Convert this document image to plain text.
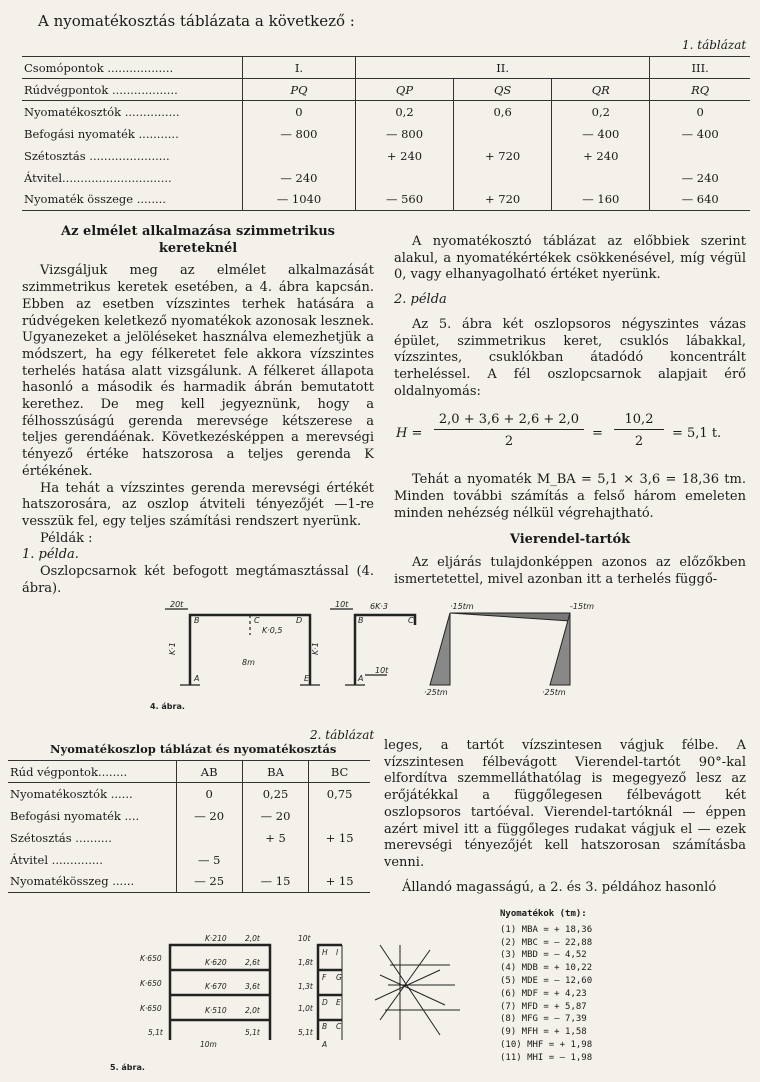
A nyomatékosztás táblázata a következő :
1. táblázat
Csomópontok ..................	I.	II.			III.
Rúdvégpontok ..................	PQ	QP	QS	QR	RQ
Nyomatékosztók ...............	0	0,2	0,6	0,2	0
Befogási nyomaték ...........	— 800	— 800		— 400	— 400
Szétosztás ......................		+ 240	+ 720	+ 240	
Átvitel..............................	— 240				— 240
Nyomaték összege ........	— 1040	— 560	+ 720	— 160	— 640
Az elmélet alkalmazása szimmetrikus kereteknél

Vizsgáljuk meg az elmélet alkalmazását szimmetrikus keretek esetében, a 4. ábra kapcsán. Ebben az esetben vízszintes terhek hatására a rúdvégeken keletkező nyomatékok azonosak lesznek. Ugyanezeket a jelöléseket használva elemezhetjük a módszert, ha egy félkeretet fele akkora vízszintes terhelés hatása alatt vizsgálunk. A félkeret állapota hasonló a második és harmadik ábrán bemutatott kerethez. De meg kell jegyeznünk, hogy a félhosszúságú gerenda merevsége kétszerese a teljes gerendáénak. Következésképpen a merevségi tényező értéke hatszorosa a teljes gerenda K értékének.

Ha tehát a vízszintes gerenda merevségi értékét hatszorosára, az oszlop átviteli tényezőjét —1-re vesszük fel, egy teljes számítási rendszert nyerünk.

Példák :

1. példa.

Oszlopcsarnok két befogott megtámasztással (4. ábra).

A nyomatékosztó táblázat az előbbiek szerint alakul, a nyomatékértékek csökkenésével, míg végül 0, vagy elhanyagolható értéket nyerünk.

2. példa

Az 5. ábra két oszlopsoros négyszintes vázas épület, szimmetrikus keret, csuklós lábakkal, vízszintes, csuklókban átadódó koncentrált terheléssel. A fél oszlopcsarnok alapjait érő oldalnyomás:

H =
2,0 + 3,6 + 2,6 + 2,0
2
=
10,2
2
= 5,1 t.

Tehát a nyomaték M_BA = 5,1 × 3,6 = 18,36 tm. Minden további számítás a felső három emeleten minden nehézség nélkül végrehajtható.

Vierendel-tartók

Az eljárás tulajdonképpen azonos az előzőkben ismertetettel, mivel azonban itt a terhelés függő-

20t
B	C	D
K·0,5
K·1	K·1
8m
A	E
10t	6K·3
B	C
A
10t
·15tm	-15tm
·25tm	·25tm
4. ábra.
2. táblázat
Nyomatékoszlop táblázat és nyomatékosztás
Rúd végpontok........	AB	BA	BC
Nyomatékosztók ......	0	0,25	0,75
Befogási nyomaték ....	— 20	— 20	
Szétosztás ..........		+ 5	+ 15
Átvitel ..............	— 5		
Nyomatékösszeg ......	— 25	— 15	+ 15

leges, a tartót vízszintesen vágjuk félbe. A vízszintesen félbevágott Vierendel-tartót 90°-kal elfordítva szemmelláthatólag is megegyező lesz az erőjátékkal a függőlegesen félbevágott két oszlopsoros tartóéval. Vierendel-tartóknál — éppen azért mivel itt a függőleges rudakat vágjuk el — ezek merevségi tényezőjét kell hatszorosan számításba venni.

Állandó magasságú, a 2. és 3. példához hasonló

K·210 2,0t
K·650	K·620 2,6t
K·650	K·670 3,6t
K·650	K·510 2,0t
5,1t
10m
5,1t
10t
1,8t
1,3t
1,0t
5,1t
H I
F G
D E
B C
A
5. ábra.
Nyomatékok (tm):
(1) MBA = + 18,36
(2) MBC = — 22,88
(3) MBD = — 4,52
(4) MDB = + 10,22
(5) MDE = — 12,60
(6) MDF = + 4,23
(7) MFD = + 5,87
(8) MFG = — 7,39
(9) MFH = + 1,58
(10) MHF = + 1,98
(11) MHI = — 1,98
